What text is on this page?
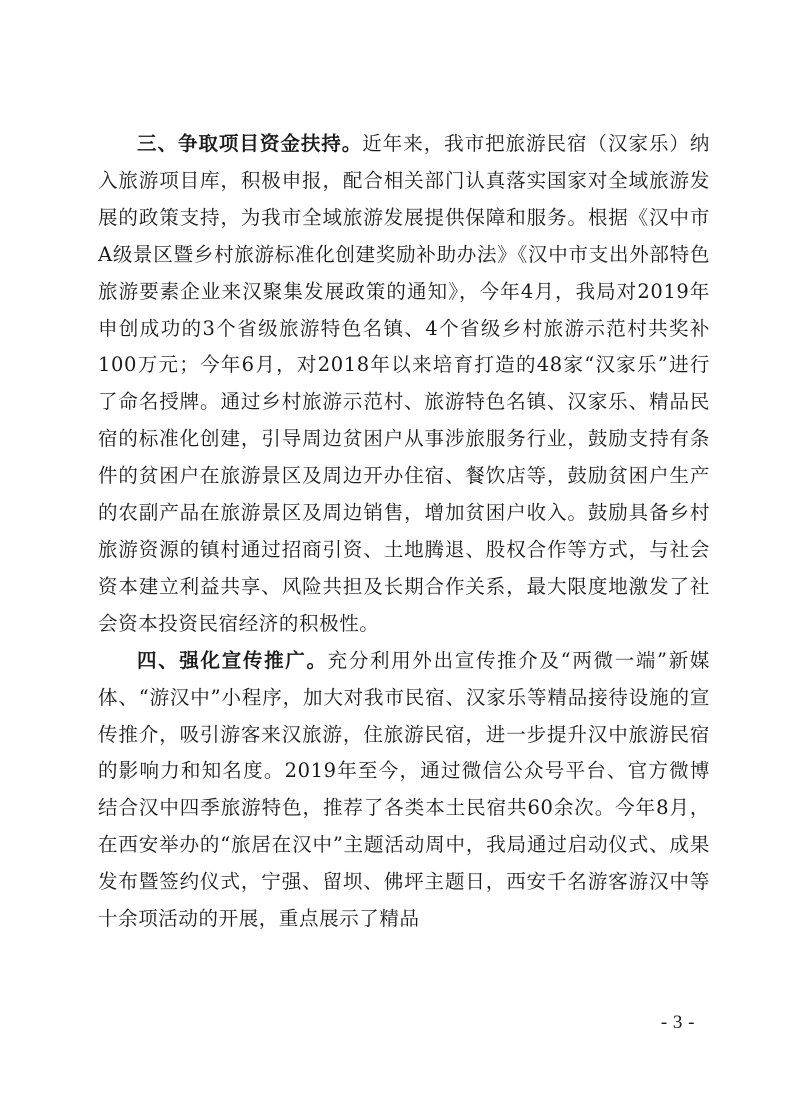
三、争取项目资金扶持。近年来，我市把旅游民宿（汉家乐）纳入旅游项目库，积极申报，配合相关部门认真落实国家对全域旅游发展的政策支持，为我市全域旅游发展提供保障和服务。根据《汉中市A级景区暨乡村旅游标准化创建奖励补助办法》《汉中市支出外部特色旅游要素企业来汉聚集发展政策的通知》，今年4月，我局对2019年申创成功的3个省级旅游特色名镇、4个省级乡村旅游示范村共奖补100万元；今年6月，对2018年以来培育打造的48家“汉家乐”进行了命名授牌。通过乡村旅游示范村、旅游特色名镇、汉家乐、精品民宿的标准化创建，引导周边贫困户从事涉旅服务行业，鼓励支持有条件的贫困户在旅游景区及周边开办住宿、餐饮店等，鼓励贫困户生产的农副产品在旅游景区及周边销售，增加贫困户收入。鼓励具备乡村旅游资源的镇村通过招商引资、土地腾退、股权合作等方式，与社会资本建立利益共享、风险共担及长期合作关系，最大限度地激发了社会资本投资民宿经济的积极性。

四、强化宣传推广。充分利用外出宣传推介及“两微一端”新媒体、“游汉中”小程序，加大对我市民宿、汉家乐等精品接待设施的宣传推介，吸引游客来汉旅游，住旅游民宿，进一步提升汉中旅游民宿的影响力和知名度。2019年至今，通过微信公众号平台、官方微博结合汉中四季旅游特色，推荐了各类本土民宿共60余次。今年8月，在西安举办的“旅居在汉中”主题活动周中，我局通过启动仪式、成果发布暨签约仪式，宁强、留坝、佛坪主题日，西安千名游客游汉中等十余项活动的开展，重点展示了精品

- 3 -
